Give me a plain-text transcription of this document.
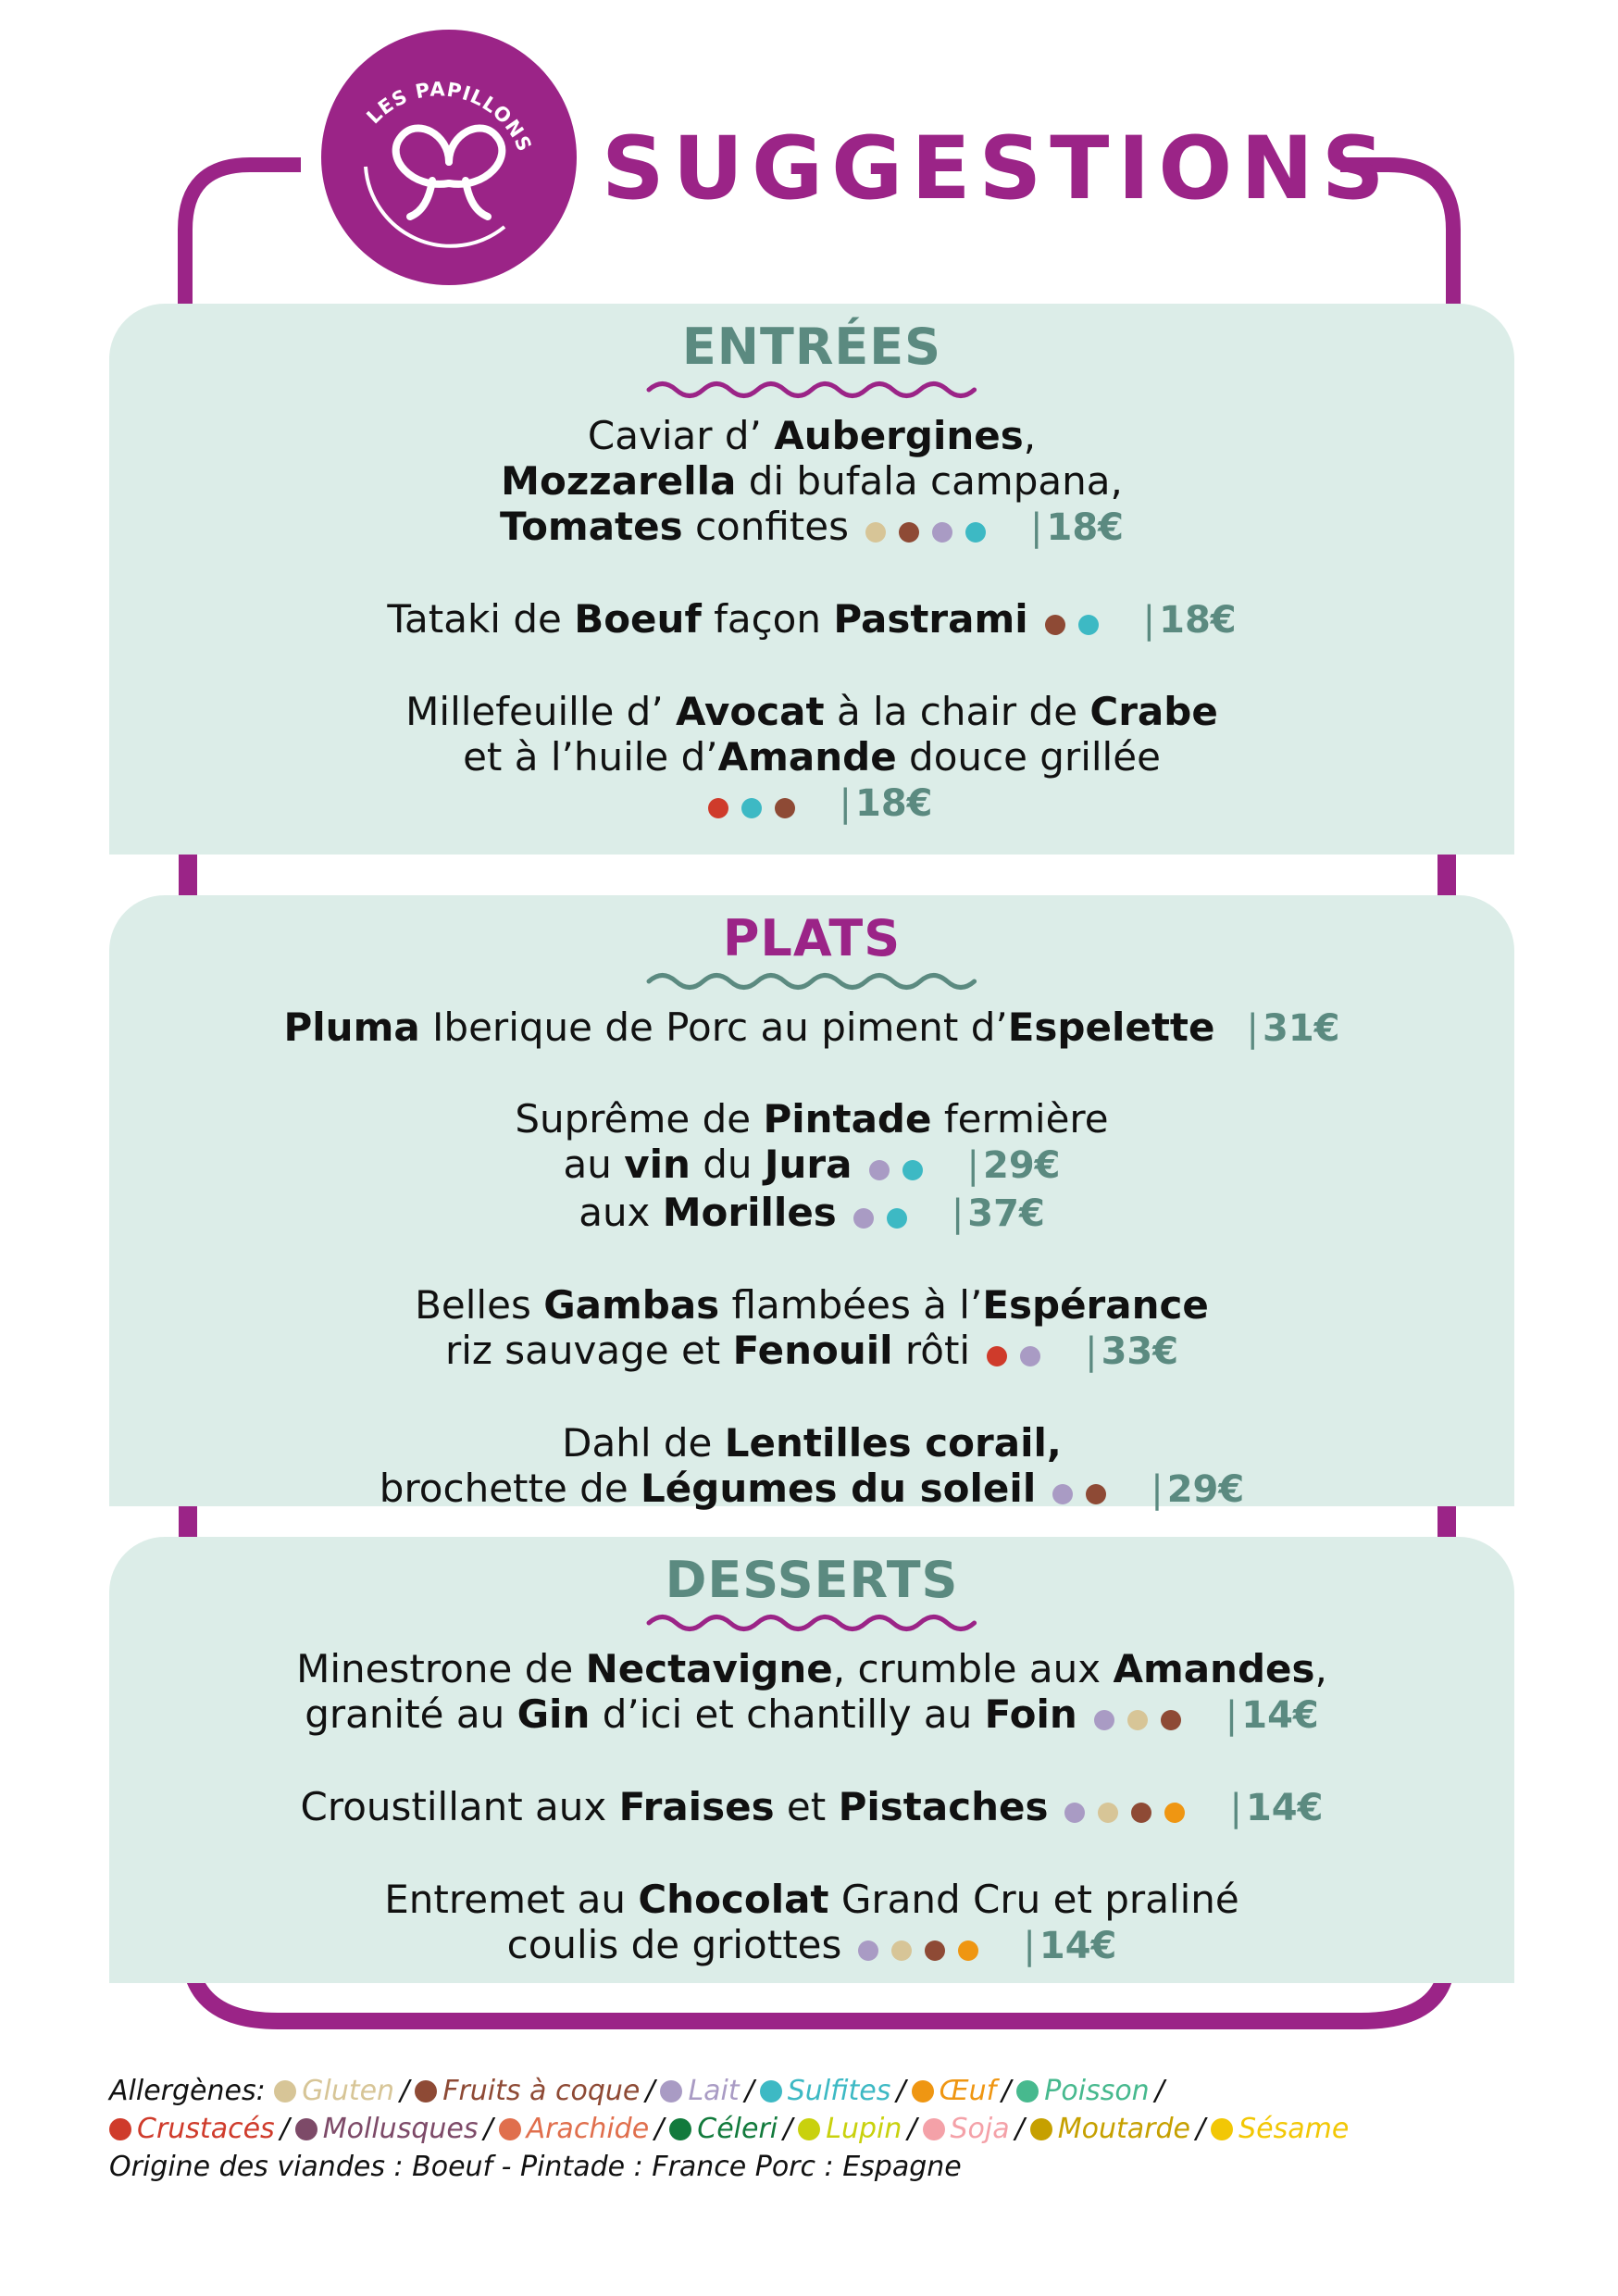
LES PAPILLONS SUGGESTIONS
ENTRÉES
Caviar d’ Aubergines,
Mozzarella di bufala campana,
Tomates confites	| 18€
Tataki de Boeuf façon Pastrami	| 18€
Millefeuille d’ Avocat à la chair de Crabe
et à l’huile d’Amande douce grillée
| 18€
PLATS
Pluma Iberique de Porc au piment d’Espelette | 31€
Suprême de Pintade fermière
au vin du Jura	| 29€
aux Morilles	| 37€
Belles Gambas flambées à l’Espérance
riz sauvage et Fenouil rôti	| 33€
Dahl de Lentilles corail,
brochette de Légumes du soleil	| 29€
DESSERTS
Minestrone de Nectavigne, crumble aux Amandes,
granité au Gin d’ici et chantilly au Foin	| 14€
Croustillant aux Fraises et Pistaches	| 14€
Entremet au Chocolat Grand Cru et praliné
coulis de griottes	| 14€
Allergènes: Gluten / Fruits à coque / Lait / Sulfites / Œuf / Poisson /
Crustacés / Mollusques / Arachide / Céleri / Lupin / Soja / Moutarde / Sésame
Origine des viandes : Boeuf - Pintade : France Porc : Espagne
